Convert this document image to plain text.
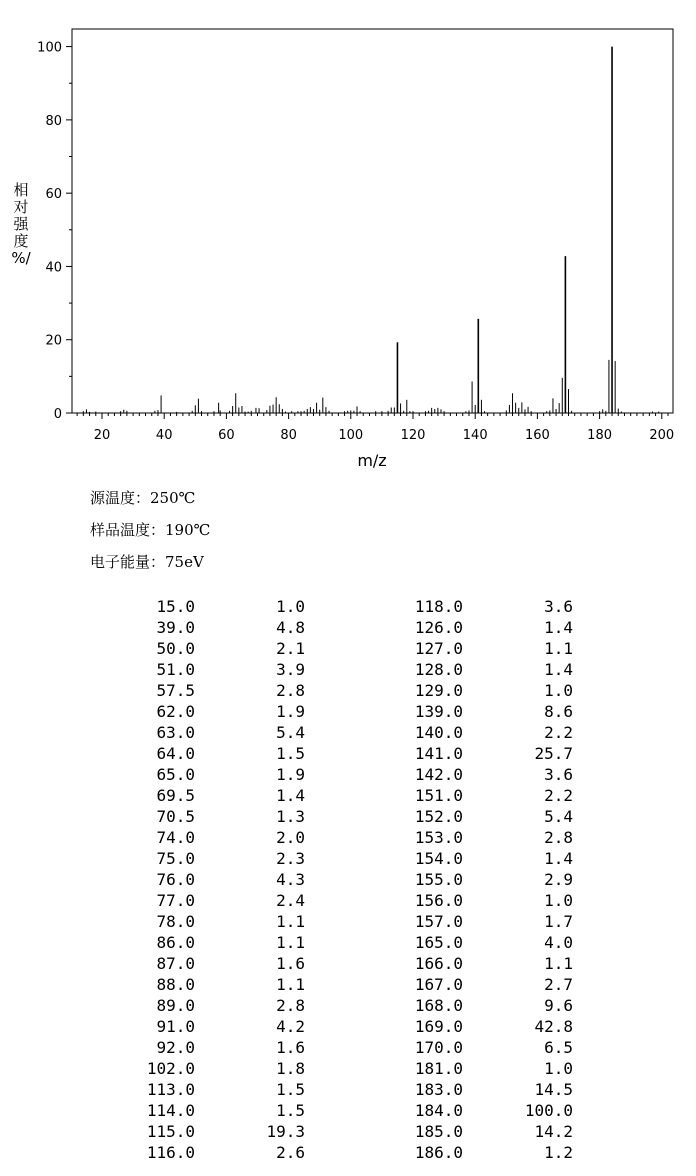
20	40	60	80	100	120	140	160	180	200
0
20
40
60
80
100
m/z
相
对
强
度
%/
源温度：250℃
样品温度：190℃
电子能量：75eV
15.0	1.0	118.0	3.6
39.0	4.8	126.0	1.4
50.0	2.1	127.0	1.1
51.0	3.9	128.0	1.4
57.5	2.8	129.0	1.0
62.0	1.9	139.0	8.6
63.0	5.4	140.0	2.2
64.0	1.5	141.0	25.7
65.0	1.9	142.0	3.6
69.5	1.4	151.0	2.2
70.5	1.3	152.0	5.4
74.0	2.0	153.0	2.8
75.0	2.3	154.0	1.4
76.0	4.3	155.0	2.9
77.0	2.4	156.0	1.0
78.0	1.1	157.0	1.7
86.0	1.1	165.0	4.0
87.0	1.6	166.0	1.1
88.0	1.1	167.0	2.7
89.0	2.8	168.0	9.6
91.0	4.2	169.0	42.8
92.0	1.6	170.0	6.5
102.0	1.8	181.0	1.0
113.0	1.5	183.0	14.5
114.0	1.5	184.0	100.0
115.0	19.3	185.0	14.2
116.0	2.6	186.0	1.2
